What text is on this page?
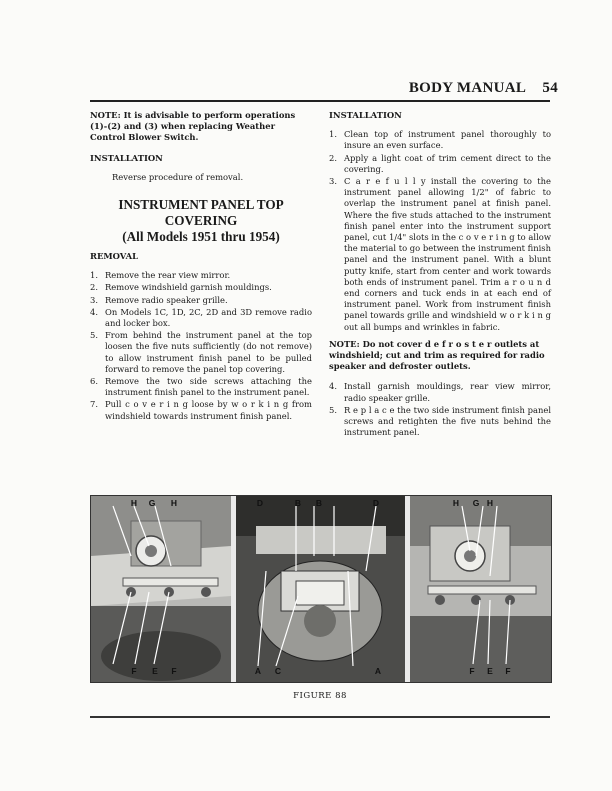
BODY MANUAL 54

NOTE: It is advisable to perform operations (1)-(2) and (3) when replacing Weather Control Blower Switch.

INSTALLATION

Reverse procedure of removal.

INSTRUMENT PANEL TOP
COVERING
(All Models 1951 thru 1954)

REMOVAL

1. Remove the rear view mirror.
2. Remove windshield garnish mouldings.
3. Remove radio speaker grille.
4. On Models 1C, 1D, 2C, 2D and 3D remove radio and locker box.
5. From behind the instrument panel at the top loosen the five nuts sufficiently (do not remove) to allow instrument finish panel to be pulled forward to remove the panel top covering.
6. Remove the two side screws attaching the instrument finish panel to the instrument panel.
7. Pull c o v e r i n g loose by w o r k i n g from windshield towards instrument finish panel.

INSTALLATION

1. Clean top of instrument panel thoroughly to insure an even surface.
2. Apply a light coat of trim cement direct to the covering.
3. C a r e f u l l y install the covering to the instrument panel allowing 1/2" of fabric to overlap the instrument panel at finish panel. Where the five studs attached to the instrument finish panel enter into the instrument support panel, cut 1/4" slots in the c o v e r i n g to allow the material to go between the instrument finish panel and the instrument panel. With a blunt putty knife, start from center and work towards both ends of instrument panel. Trim a r o u n d end corners and tuck ends in at each end of instrument panel. Work from instrument finish panel towards grille and windshield w o r k i n g out all bumps and wrinkles in fabric.

NOTE: Do not cover d e f r o s t e r outlets at windshield; cut and trim as required for radio speaker and defroster outlets.

4. Install garnish mouldings, rear view mirror, radio speaker grille.
5. R e p l a c e the two side instrument finish panel screws and retighten the five nuts behind the instrument panel.
H G H	D	B B	D	H G H
F E F	A C	A	F E F
FIGURE 88
